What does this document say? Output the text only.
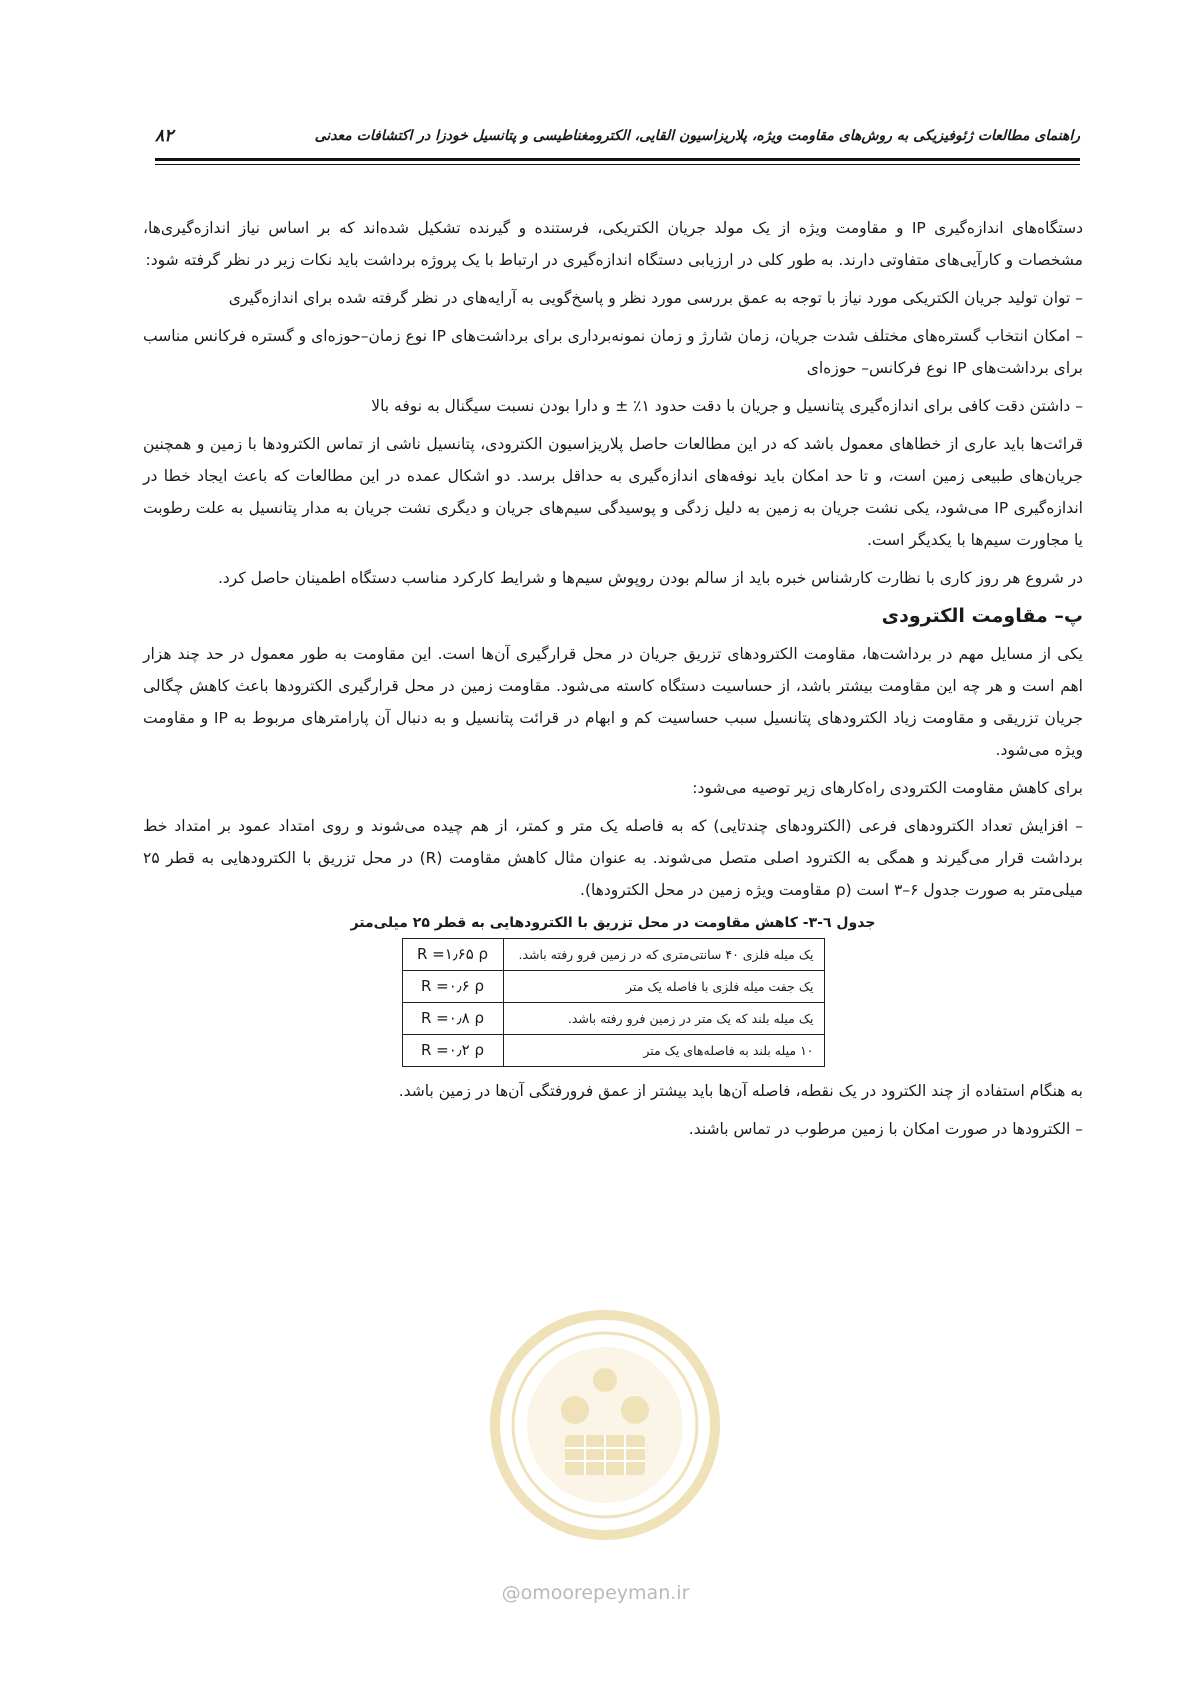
راهنمای مطالعات ژئوفیزیکی به روش‌های مقاومت ویژه، پلاریزاسیون القایی، الکترومغناطیسی و پتانسیل خودزا در اکتشافات معدنی
۸۲

دستگاه‌های اندازه‌گیری IP و مقاومت ویژه از یک مولد جریان الکتریکی، فرستنده و گیرنده تشکیل شده‌اند که بر اساس نیاز اندازه‌گیری‌ها، مشخصات و کارآیی‌های متفاوتی دارند. به طور کلی در ارزیابی دستگاه اندازه‌گیری در ارتباط با یک پروژه برداشت باید نکات زیر در نظر گرفته شود:

– توان تولید جریان الکتریکی مورد نیاز با توجه به عمق بررسی مورد نظر و پاسخ‌گویی به آرایه‌های در نظر گرفته شده برای اندازه‌گیری

– امکان انتخاب گستره‌های مختلف شدت جریان، زمان شارژ و زمان نمونه‌برداری برای برداشت‌های IP نوع زمان–حوزه‌ای و گستره فرکانس مناسب برای برداشت‌های IP نوع فرکانس– حوزه‌ای

– داشتن دقت کافی برای اندازه‌گیری پتانسیل و جریان با دقت حدود ۱٪ ± و دارا بودن نسبت سیگنال به نوفه بالا

قرائت‌ها باید عاری از خطاهای معمول باشد که در این مطالعات حاصل پلاریزاسیون الکترودی، پتانسیل ناشی از تماس الکترودها با زمین و همچنین جریان‌های طبیعی زمین است، و تا حد امکان باید نوفه‌های اندازه‌گیری به حداقل برسد. دو اشکال عمده در این مطالعات که باعث ایجاد خطا در اندازه‌گیری IP می‌شود، یکی نشت جریان به زمین به دلیل زدگی و پوسیدگی سیم‌های جریان و دیگری نشت جریان به مدار پتانسیل به علت رطوبت یا مجاورت سیم‌ها با یکدیگر است.

در شروع هر روز کاری با نظارت کارشناس خبره باید از سالم بودن روپوش سیم‌ها و شرایط کارکرد مناسب دستگاه اطمینان حاصل کرد.

پ– مقاومت الکترودی

یکی از مسایل مهم در برداشت‌ها، مقاومت الکترودهای تزریق جریان در محل قرارگیری آن‌ها است. این مقاومت به طور معمول در حد چند هزار اهم است و هر چه این مقاومت بیشتر باشد، از حساسیت دستگاه کاسته می‌شود. مقاومت زمین در محل قرارگیری الکترودها باعث کاهش چگالی جریان تزریقی و مقاومت زیاد الکترودهای پتانسیل سبب حساسیت کم و ابهام در قرائت پتانسیل و به دنبال آن پارامترهای مربوط به IP و مقاومت ویژه می‌شود.

برای کاهش مقاومت الکترودی راه‌کارهای زیر توصیه می‌شود:

– افزایش تعداد الکترودهای فرعی (الکترودهای چندتایی) که به فاصله یک متر و کمتر، از هم چیده می‌شوند و روی امتداد عمود بر امتداد خط برداشت قرار می‌گیرند و همگی به الکترود اصلی متصل می‌شوند. به عنوان مثال کاهش مقاومت (R) در محل تزریق با الکترودهایی به قطر ۲۵ میلی‌متر به صورت جدول ۶–۳ است (ρ مقاومت ویژه زمین در محل الکترودها).

جدول ٦-٣- کاهش مقاومت در محل تزریق با الکترودهایی به قطر ۲۵ میلی‌متر
یک میله فلزی ۴۰ سانتی‌متری که در زمین فرو رفته باشد.	R =۱٫۶۵ ρ
یک جفت میله فلزی با فاصله یک متر	R =۰٫۶ ρ
یک میله بلند که یک متر در زمین فرو رفته باشد.	R =۰٫۸ ρ
۱۰ میله بلند به فاصله‌های یک متر	R =۰٫۲ ρ

به هنگام استفاده از چند الکترود در یک نقطه، فاصله آن‌ها باید بیشتر از عمق فرورفتگی آن‌ها در زمین باشد.

– الکترودها در صورت امکان با زمین مرطوب در تماس باشند.

@omoorepeyman.ir
